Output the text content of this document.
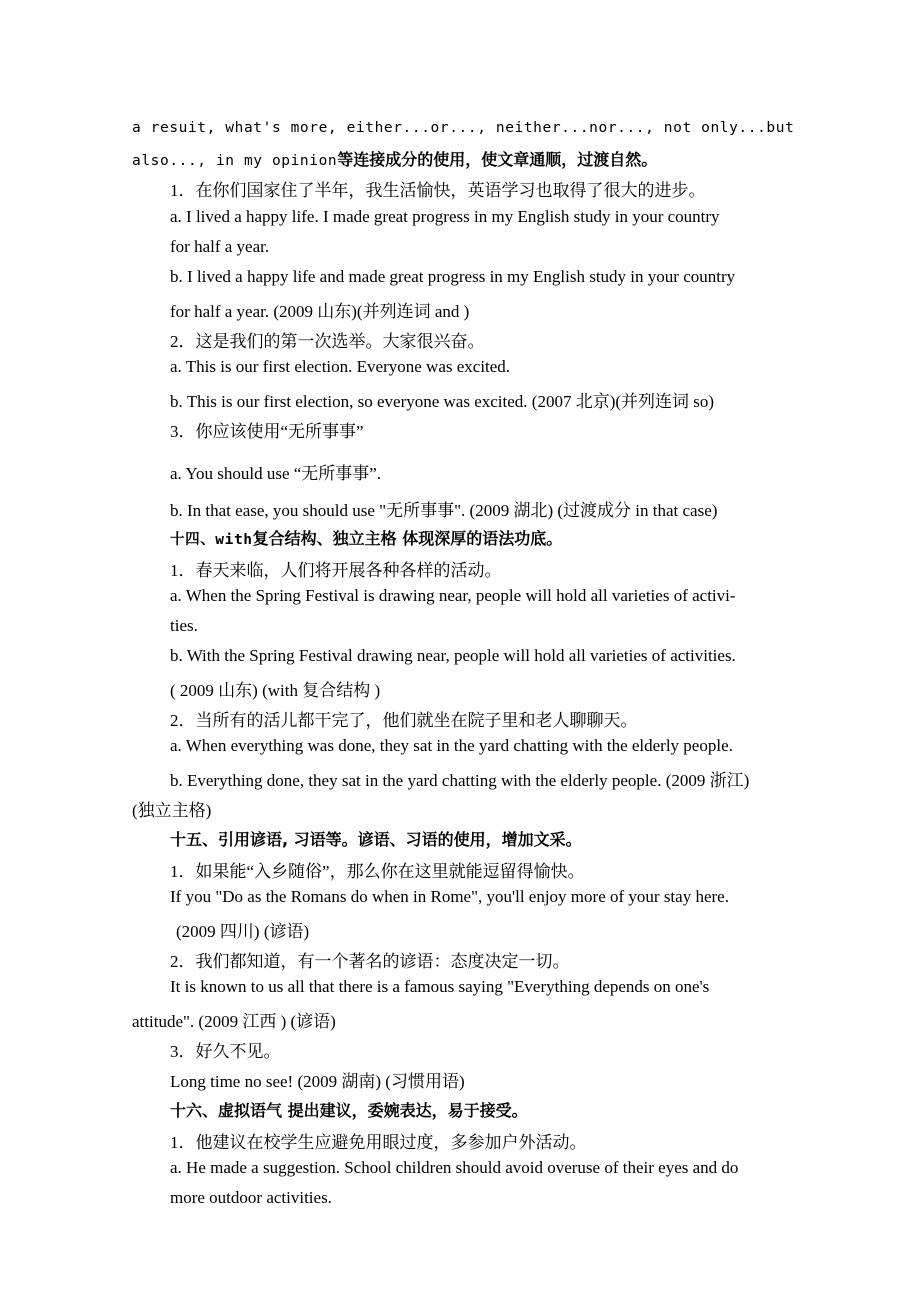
a resuit, what's more, either...or..., neither...nor..., not only...but
also..., in my opinion等连接成分的使用，使文章通顺，过渡自然。
1．在你们国家住了半年，我生活愉快，英语学习也取得了很大的进步。
a. I lived a happy life. I made great progress in my English study in your country
for half a year.
b. I lived a happy life and made great progress in my English study in your country
for half a year. (2009 山东)(并列连词 and )
2．这是我们的第一次选举。大家很兴奋。
a. This is our first election. Everyone was excited.
b. This is our first election, so everyone was excited. (2007 北京)(并列连词 so)
3．你应该使用“无所事事”
a. You should use “无所事事”.
b. In that ease, you should use "无所事事". (2009 湖北) (过渡成分 in that case)
十四、with复合结构、独立主格 体现深厚的语法功底。
1．春天来临，人们将开展各种各样的活动。
a. When the Spring Festival is drawing near, people will hold all varieties of activi-
ties.
b. With the Spring Festival drawing near, people will hold all varieties of activities.
( 2009 山东) (with 复合结构 )
2．当所有的活儿都干完了，他们就坐在院子里和老人聊聊天。
a. When everything was done, they sat in the yard chatting with the elderly people.
b. Everything done, they sat in the yard chatting with the elderly people. (2009 浙江)
(独立主格)
十五、引用谚语, 习语等。谚语、习语的使用，增加文采。
1．如果能“入乡随俗”，那么你在这里就能逗留得愉快。
If you "Do as the Romans do when in Rome", you'll enjoy more of your stay here.
(2009 四川) (谚语)
2．我们都知道，有一个著名的谚语：态度决定一切。
It is known to us all that there is a famous saying "Everything depends on one's
attitude". (2009 江西 ) (谚语)
3．好久不见。
Long time no see! (2009 湖南) (习惯用语)
十六、虚拟语气 提出建议，委婉表达，易于接受。
1．他建议在校学生应避免用眼过度，多参加户外活动。
a. He made a suggestion. School children should avoid overuse of their eyes and do
more outdoor activities.
